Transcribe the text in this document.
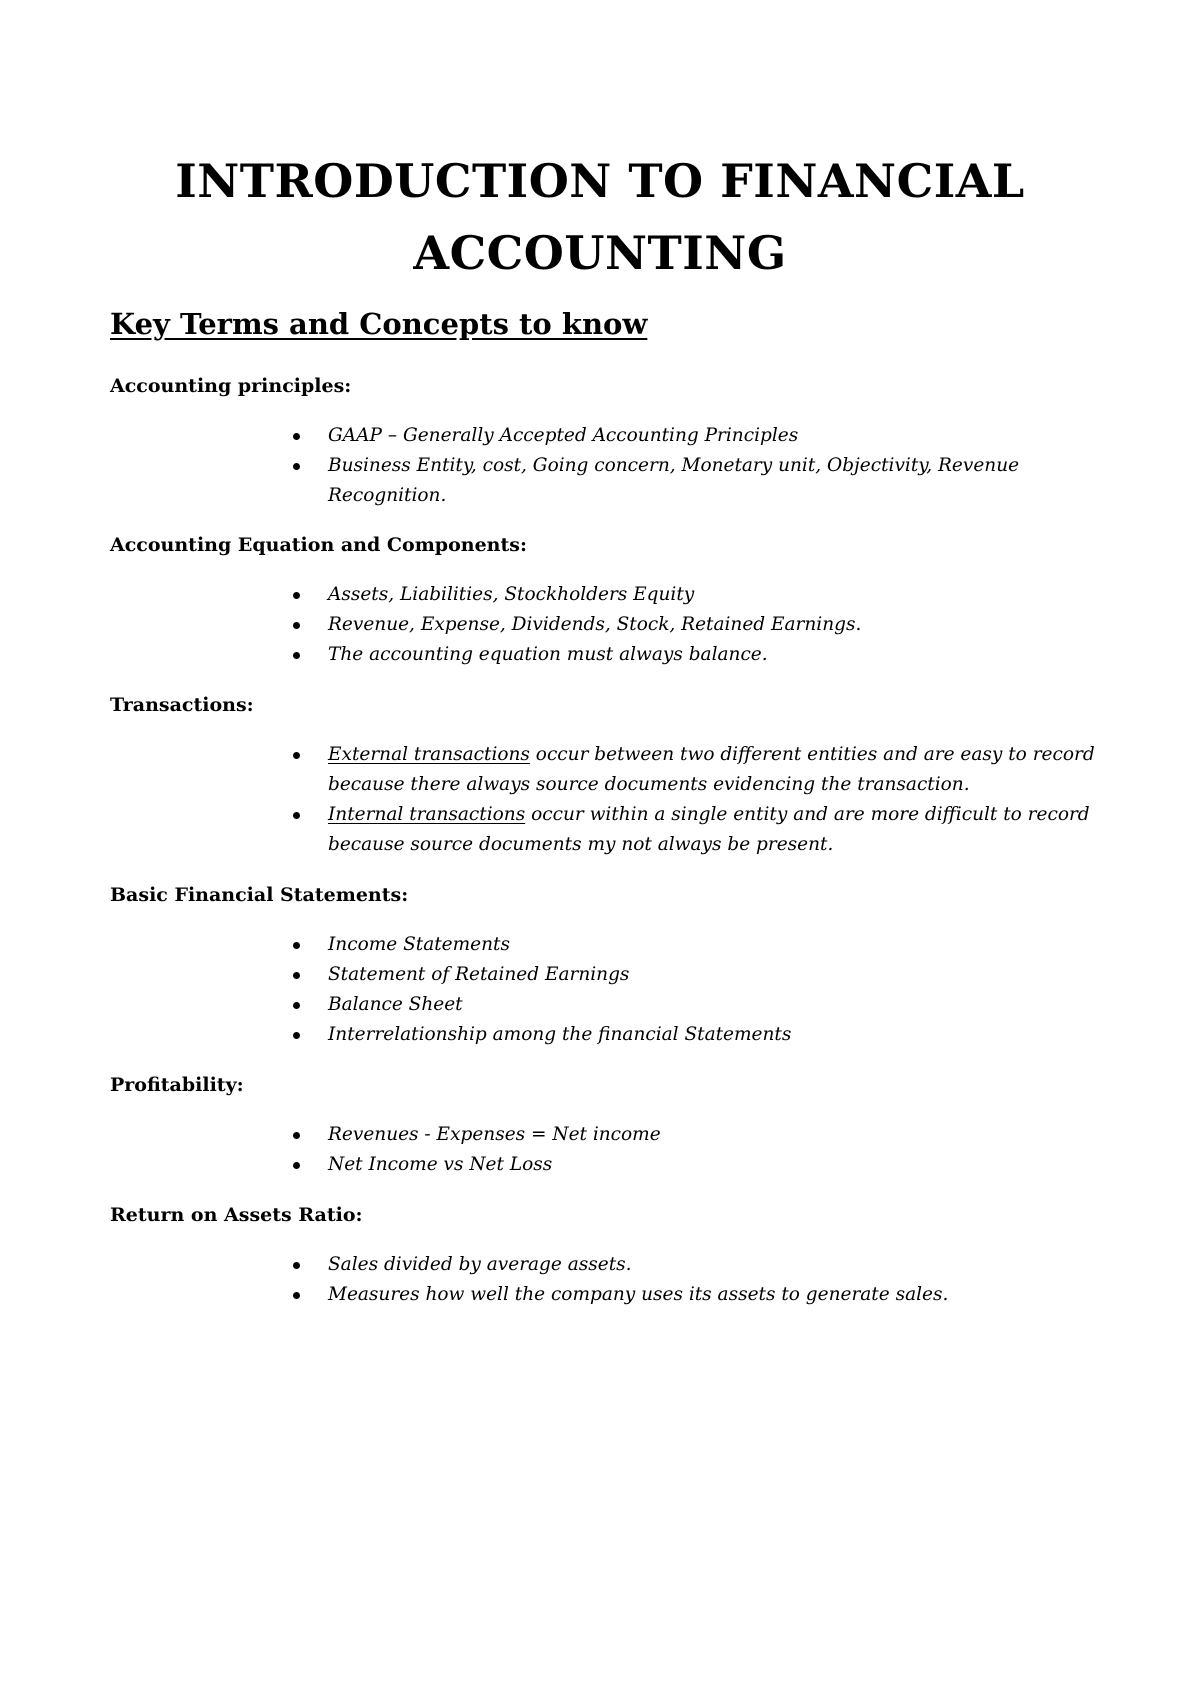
INTRODUCTION TO FINANCIAL
ACCOUNTING
Key Terms and Concepts to know

Accounting principles:

GAAP – Generally Accepted Accounting Principles
Business Entity, cost, Going concern, Monetary unit, Objectivity, Revenue Recognition.

Accounting Equation and Components:

Assets, Liabilities, Stockholders Equity
Revenue, Expense, Dividends, Stock, Retained Earnings.
The accounting equation must always balance.

Transactions:

External transactions occur between two different entities and are easy to record because there always source documents evidencing the transaction.
Internal transactions occur within a single entity and are more difficult to record because source documents my not always be present.

Basic Financial Statements:

Income Statements
Statement of Retained Earnings
Balance Sheet
Interrelationship among the financial Statements

Profitability:

Revenues - Expenses = Net income
Net Income vs Net Loss

Return on Assets Ratio:

Sales divided by average assets.
Measures how well the company uses its assets to generate sales.
